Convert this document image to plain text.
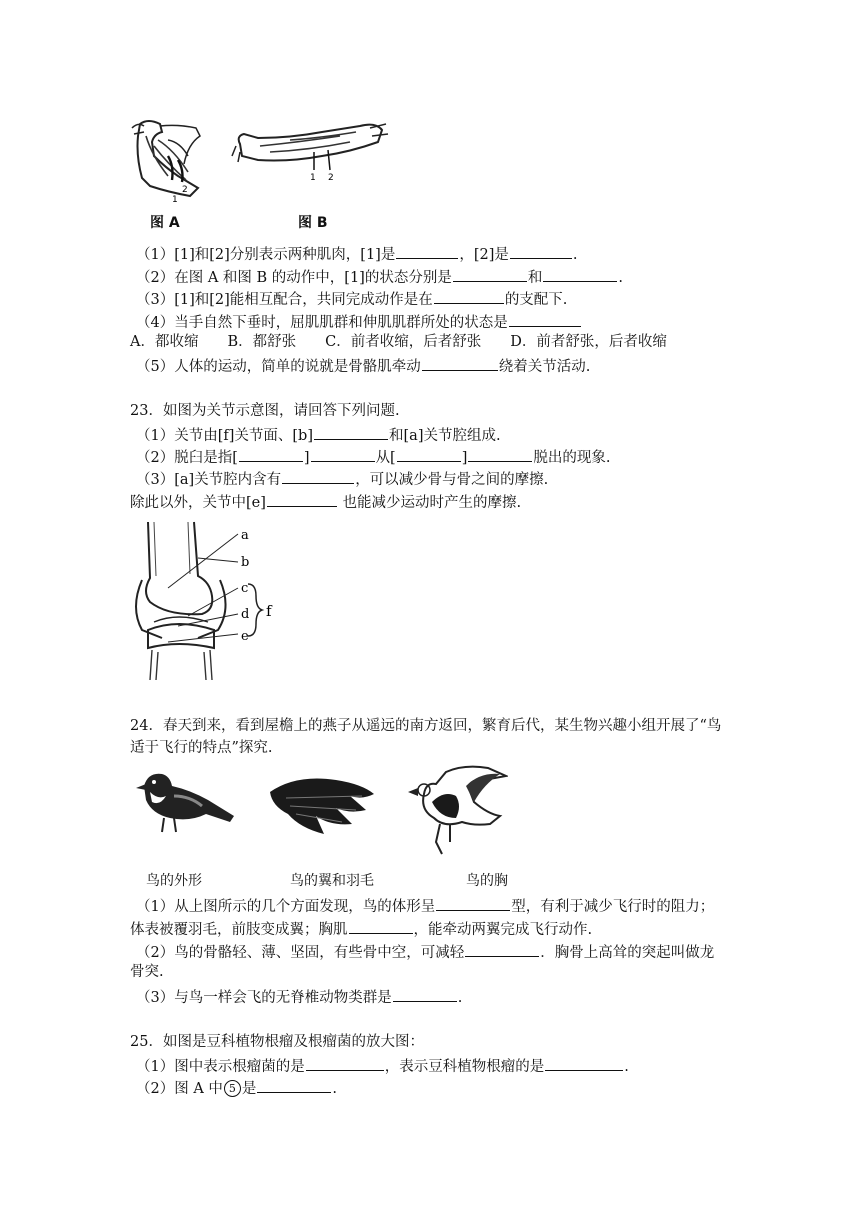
1
2
1 2
图 A	图 B
（1）[1]和[2]分别表示两种肌肉，[1]是	，[2]是	.
（2）在图 A 和图 B 的动作中，[1]的状态分别是	和	.
（3）[1]和[2]能相互配合，共同完成动作是在	的支配下.
（4）当手自然下垂时，屈肌肌群和伸肌肌群所处的状态是
A．都收缩　　B．都舒张　　C．前者收缩，后者舒张　　D．前者舒张，后者收缩
（5）人体的运动，简单的说就是骨骼肌牵动	绕着关节活动.
23．如图为关节示意图，请回答下列问题.
（1）关节由[f]关节面、[b]	和[a]关节腔组成.
（2）脱臼是指[	]	从[	]	脱出的现象.
（3）[a]关节腔内含有	，可以减少骨与骨之间的摩擦.
除此以外，关节中[e]	也能减少运动时产生的摩擦.
a
b
c
d
e
f
24．春天到来，看到屋檐上的燕子从遥远的南方返回，繁育后代，某生物兴趣小组开展了“鸟
适于飞行的特点”探究.
鸟的外形	鸟的翼和羽毛	鸟的胸
（1）从上图所示的几个方面发现，鸟的体形呈	型，有利于减少飞行时的阻力；
体表被覆羽毛，前肢变成翼；胸肌	，能牵动两翼完成飞行动作.
（2）鸟的骨骼轻、薄、坚固，有些骨中空，可减轻	．胸骨上高耸的突起叫做龙
骨突.
（3）与鸟一样会飞的无脊椎动物类群是	.
25．如图是豆科植物根瘤及根瘤菌的放大图：
（1）图中表示根瘤菌的是	，表示豆科植物根瘤的是	.
（2）图 A 中 5 是	.
